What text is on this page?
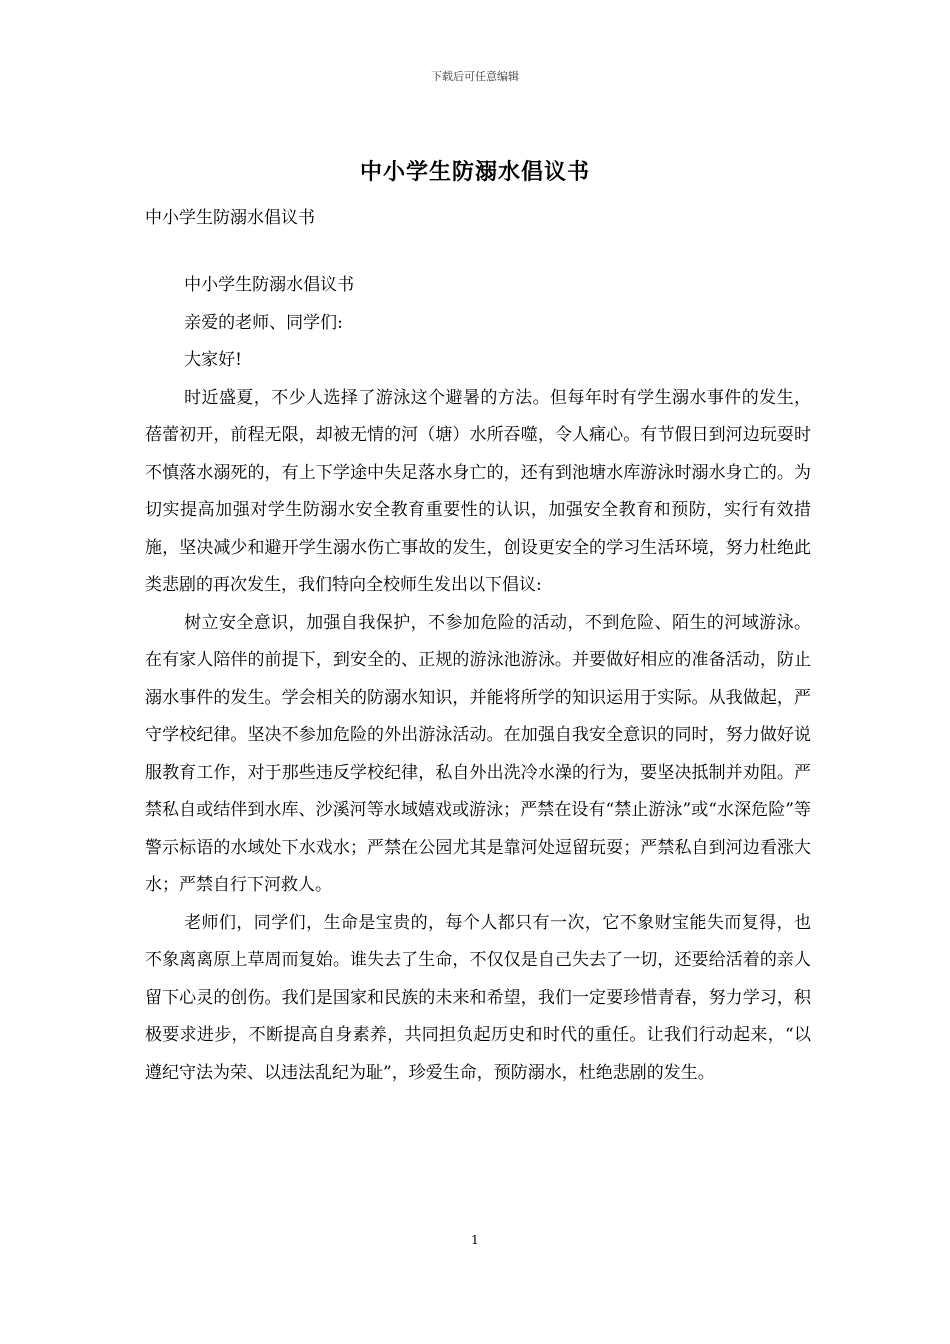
下载后可任意编辑
中小学生防溺水倡议书
中小学生防溺水倡议书

中小学生防溺水倡议书

亲爱的老师、同学们:

大家好!

时近盛夏，不少人选择了游泳这个避暑的方法。但每年时有学生溺水事件的发生，蓓蕾初开，前程无限，却被无情的河（塘）水所吞噬，令人痛心。有节假日到河边玩耍时不慎落水溺死的，有上下学途中失足落水身亡的，还有到池塘水库游泳时溺水身亡的。为切实提高加强对学生防溺水安全教育重要性的认识，加强安全教育和预防，实行有效措施，坚决减少和避开学生溺水伤亡事故的发生，创设更安全的学习生活环境，努力杜绝此类悲剧的再次发生，我们特向全校师生发出以下倡议:

树立安全意识，加强自我保护，不参加危险的活动，不到危险、陌生的河域游泳。在有家人陪伴的前提下，到安全的、正规的游泳池游泳。并要做好相应的准备活动，防止溺水事件的发生。学会相关的防溺水知识，并能将所学的知识运用于实际。从我做起，严守学校纪律。坚决不参加危险的外出游泳活动。在加强自我安全意识的同时，努力做好说服教育工作，对于那些违反学校纪律，私自外出洗冷水澡的行为，要坚决抵制并劝阻。严禁私自或结伴到水库、沙溪河等水域嬉戏或游泳；严禁在设有“禁止游泳”或“水深危险”等警示标语的水域处下水戏水；严禁在公园尤其是靠河处逗留玩耍；严禁私自到河边看涨大水；严禁自行下河救人。

老师们，同学们，生命是宝贵的，每个人都只有一次，它不象财宝能失而复得，也不象离离原上草周而复始。谁失去了生命，不仅仅是自己失去了一切，还要给活着的亲人留下心灵的创伤。我们是国家和民族的未来和希望，我们一定要珍惜青春，努力学习，积极要求进步，不断提高自身素养，共同担负起历史和时代的重任。让我们行动起来，“以遵纪守法为荣、以违法乱纪为耻”，珍爱生命，预防溺水，杜绝悲剧的发生。

1
